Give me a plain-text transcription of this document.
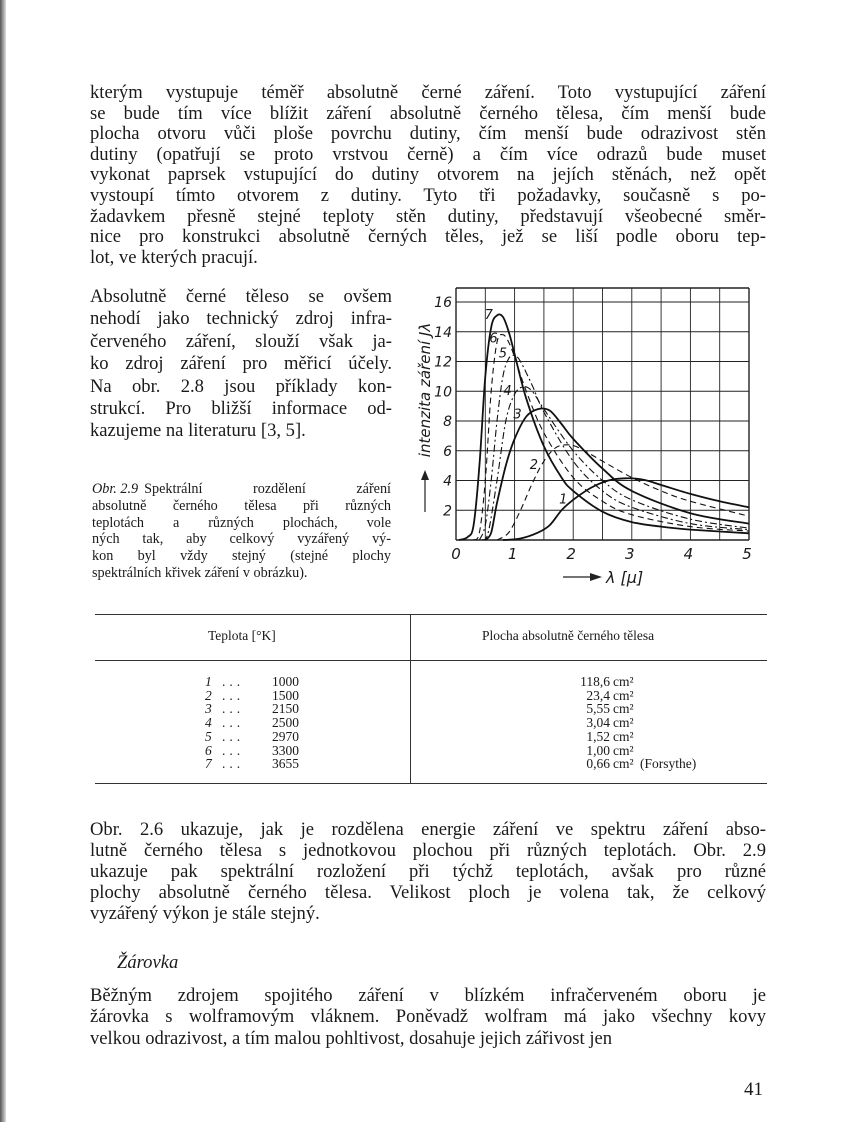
kterým vystupuje téměř absolutně černé záření. Toto vystupující záření
se bude tím více blížit záření absolutně černého tělesa, čím menší bude
plocha otvoru vůči ploše povrchu dutiny, čím menší bude odrazivost stěn
dutiny (opatřují se proto vrstvou černě) a čím více odrazů bude muset
vykonat paprsek vstupující do dutiny otvorem na jejích stěnách, než opět
vystoupí tímto otvorem z dutiny. Tyto tři požadavky, současně s po-
žadavkem přesně stejné teploty stěn dutiny, představují všeobecné směr-
nice pro konstrukci absolutně černých těles, jež se liší podle oboru tep-
lot, ve kterých pracují.
Absolutně černé těleso se ovšem
nehodí jako technický zdroj infra-
červeného záření, slouží však ja-
ko zdroj záření pro měřicí účely.
Na obr. 2.8 jsou příklady kon-
strukcí. Pro bližší informace od-
kazujeme na literaturu [3, 5].
Obr. 2.9 Spektrální rozdělení záření
absolutně černého tělesa při různých
teplotách a různých plochách, vole
ných tak, aby celkový vyzářený vý-
kon byl vždy stejný (stejné plochy
spektrálních křivek záření v obrázku).
0	1	2	3	4	5
2
4
6
8
10
12
14
16
intenzita záření Jλ
λ [µ]
1
2
3
4
5
6
7
Teplota [°K]	Plocha absolutně černého tělesa
1 ... 1000	118,6 cm²
2 ... 1500	23,4 cm²
3 ... 2150	5,55 cm²
4 ... 2500	3,04 cm²
5 ... 2970	1,52 cm²
6 ... 3300	1,00 cm²
7 ... 3655	0,66 cm² (Forsythe)
Obr. 2.6 ukazuje, jak je rozdělena energie záření ve spektru záření abso-
lutně černého tělesa s jednotkovou plochou při různých teplotách. Obr. 2.9
ukazuje pak spektrální rozložení při týchž teplotách, avšak pro různé
plochy absolutně černého tělesa. Velikost ploch je volena tak, že celkový
vyzářený výkon je stále stejný.
Žárovka
Běžným zdrojem spojitého záření v blízkém infračerveném oboru je
žárovka s wolframovým vláknem. Poněvadž wolfram má jako všechny kovy
velkou odrazivost, a tím malou pohltivost, dosahuje jejich zářivost jen
41
